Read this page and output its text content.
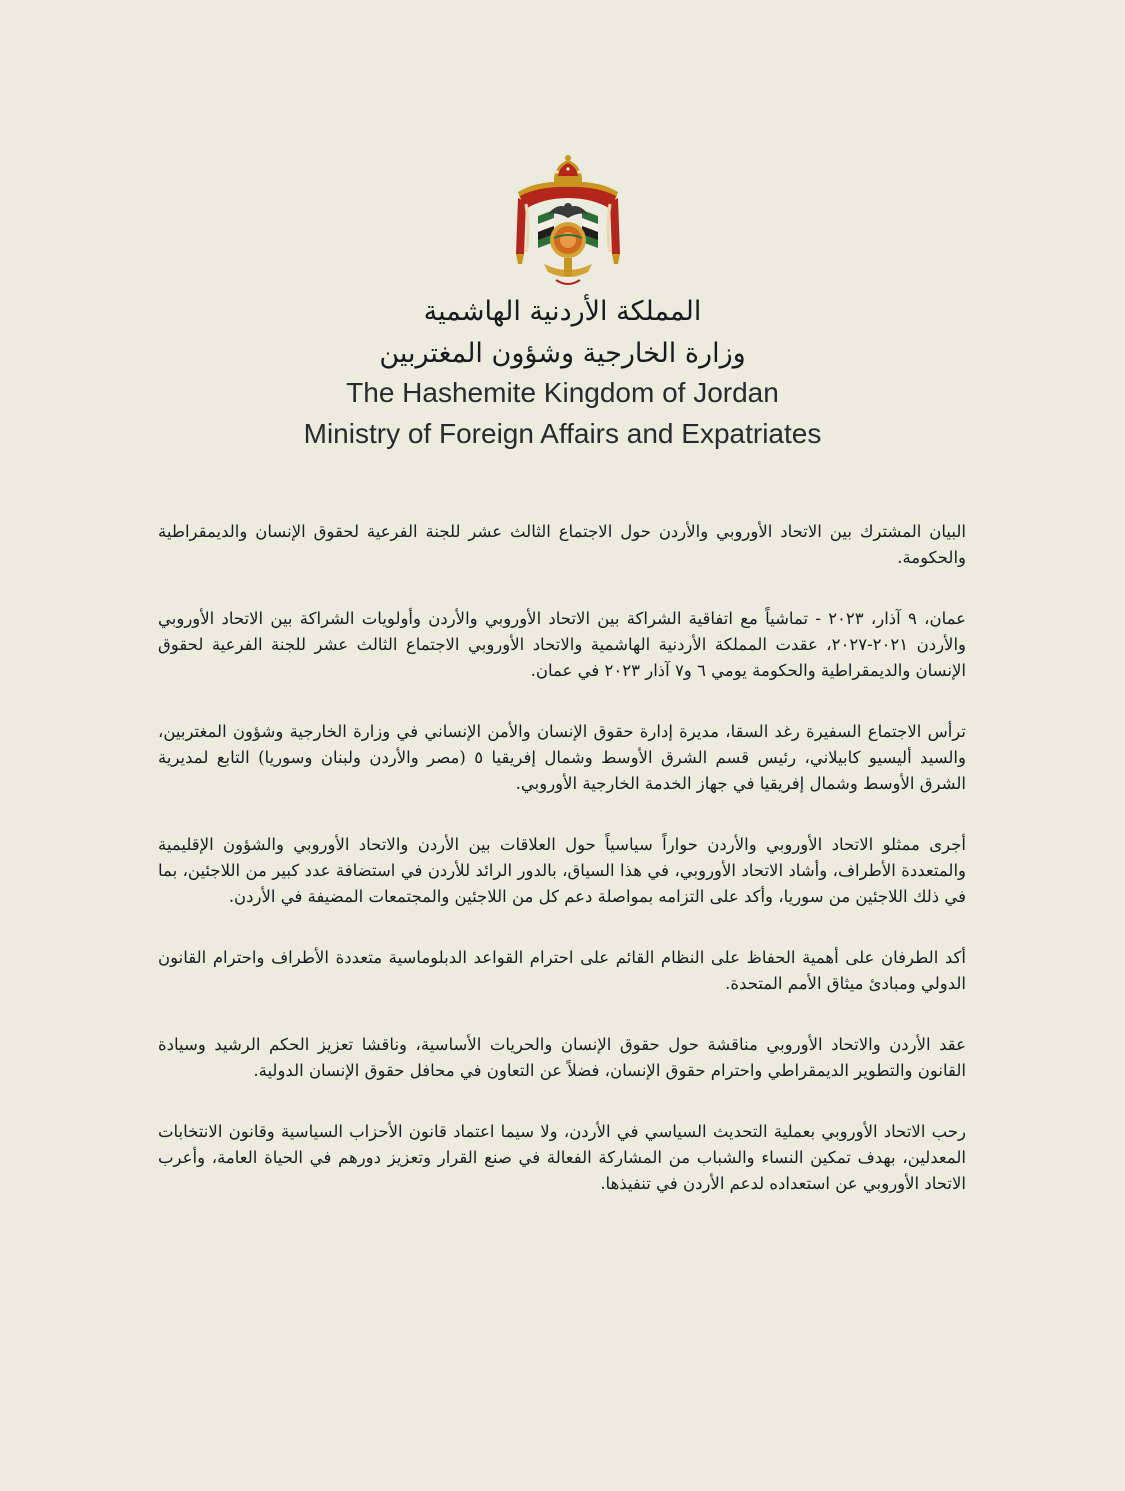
المملكة الأردنية الهاشمية
وزارة الخارجية وشؤون المغتربين
The Hashemite Kingdom of Jordan
Ministry of Foreign Affairs and Expatriates

البيان المشترك بين الاتحاد الأوروبي والأردن حول الاجتماع الثالث عشر للجنة الفرعية لحقوق الإنسان والديمقراطية والحكومة.

عمان، ٩ آذار، ٢٠٢٣ - تماشياً مع اتفاقية الشراكة بين الاتحاد الأوروبي والأردن وأولويات الشراكة بين الاتحاد الأوروبي والأردن ٢٠٢١-٢٠٢٧، عقدت المملكة الأردنية الهاشمية والاتحاد الأوروبي الاجتماع الثالث عشر للجنة الفرعية لحقوق الإنسان والديمقراطية والحكومة يومي ٦ و٧ آذار ٢٠٢٣ في عمان.

ترأس الاجتماع السفيرة رغد السقا، مديرة إدارة حقوق الإنسان والأمن الإنساني في وزارة الخارجية وشؤون المغتربين، والسيد أليسيو كابيلاني، رئيس قسم الشرق الأوسط وشمال إفريقيا ٥ (مصر والأردن ولبنان وسوريا) التابع لمديرية الشرق الأوسط وشمال إفريقيا في جهاز الخدمة الخارجية الأوروبي.

أجرى ممثلو الاتحاد الأوروبي والأردن حواراً سياسياً حول العلاقات بين الأردن والاتحاد الأوروبي والشؤون الإقليمية والمتعددة الأطراف، وأشاد الاتحاد الأوروبي، في هذا السياق، بالدور الرائد للأردن في استضافة عدد كبير من اللاجئين، بما في ذلك اللاجئين من سوريا، وأكد على التزامه بمواصلة دعم كل من اللاجئين والمجتمعات المضيفة في الأردن.

أكد الطرفان على أهمية الحفاظ على النظام القائم على احترام القواعد الدبلوماسية متعددة الأطراف واحترام القانون الدولي ومبادئ ميثاق الأمم المتحدة.

عقد الأردن والاتحاد الأوروبي مناقشة حول حقوق الإنسان والحريات الأساسية، وناقشا تعزيز الحكم الرشيد وسيادة القانون والتطوير الديمقراطي واحترام حقوق الإنسان، فضلاً عن التعاون في محافل حقوق الإنسان الدولية.

رحب الاتحاد الأوروبي بعملية التحديث السياسي في الأردن، ولا سيما اعتماد قانون الأحزاب السياسية وقانون الانتخابات المعدلين، بهدف تمكين النساء والشباب من المشاركة الفعالة في صنع القرار وتعزيز دورهم في الحياة العامة، وأعرب الاتحاد الأوروبي عن استعداده لدعم الأردن في تنفيذها.
